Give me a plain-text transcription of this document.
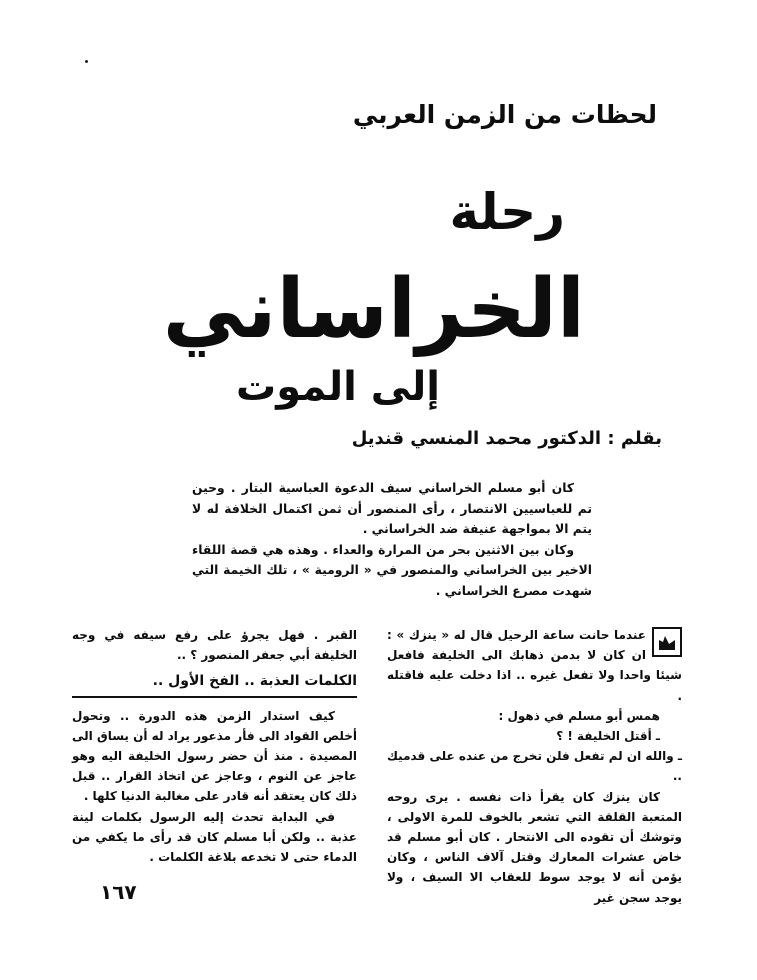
لحظات من الزمن العربي
رحلة
الخراساني
إلى الموت
بقلم : الدكتور محمد المنسي قنديل

كان أبو مسلم الخراساني سيف الدعوة العباسية البتار . وحين تم للعباسيين الانتصار ، رأى المنصور أن ثمن اكتمال الخلافة له لا يتم الا بمواجهة عنيفة ضد الخراساني .

وكان بين الاثنين بحر من المرارة والعداء . وهذه هي قصة اللقاء الاخير بين الخراساني والمنصور في « الرومية » ، تلك الخيمة التي شهدت مصرع الخراساني .

عندما حانت ساعة الرحيل قال له « ينزك » : ان كان لا بدمن ذهابك الى الخليفة فافعل شيئا واحدا ولا تفعل غيره .. اذا دخلت عليه فاقتله .

همس أبو مسلم في ذهول :

ـ أقتل الخليفة ! ؟

ـ والله ان لم تفعل فلن تخرج من عنده على قدميك ..

كان ينزك كان يقرأ ذات نفسه . يرى روحه المتعبة القلقة التي تشعر بالخوف للمرة الاولى ، وتوشك أن تقوده الى الانتحار . كان أبو مسلم قد خاض عشرات المعارك وقتل آلاف الناس ، وكان يؤمن أنه لا يوجد سوط للعقاب الا السيف ، ولا يوجد سجن غير

القبر . فهل يجرؤ على رفع سيفه في وجه الخليفة أبي جعفر المنصور ؟ ..

الكلمات العذبة .. الفخ الأول ..

كيف استدار الزمن هذه الدورة .. وتحول أخلص القواد الى فأر مذعور يراد له أن يساق الى المصيدة . منذ أن حضر رسول الخليفة اليه وهو عاجز عن النوم ، وعاجز عن اتخاذ القرار .. قبل ذلك كان يعتقد أنه قادر على مغالبة الدنيا كلها .

في البداية تحدث إليه الرسول بكلمات لينة عذبة .. ولكن أبا مسلم كان قد رأى ما يكفي من الدماء حتى لا تخدعه بلاغة الكلمات .

١٦٧
